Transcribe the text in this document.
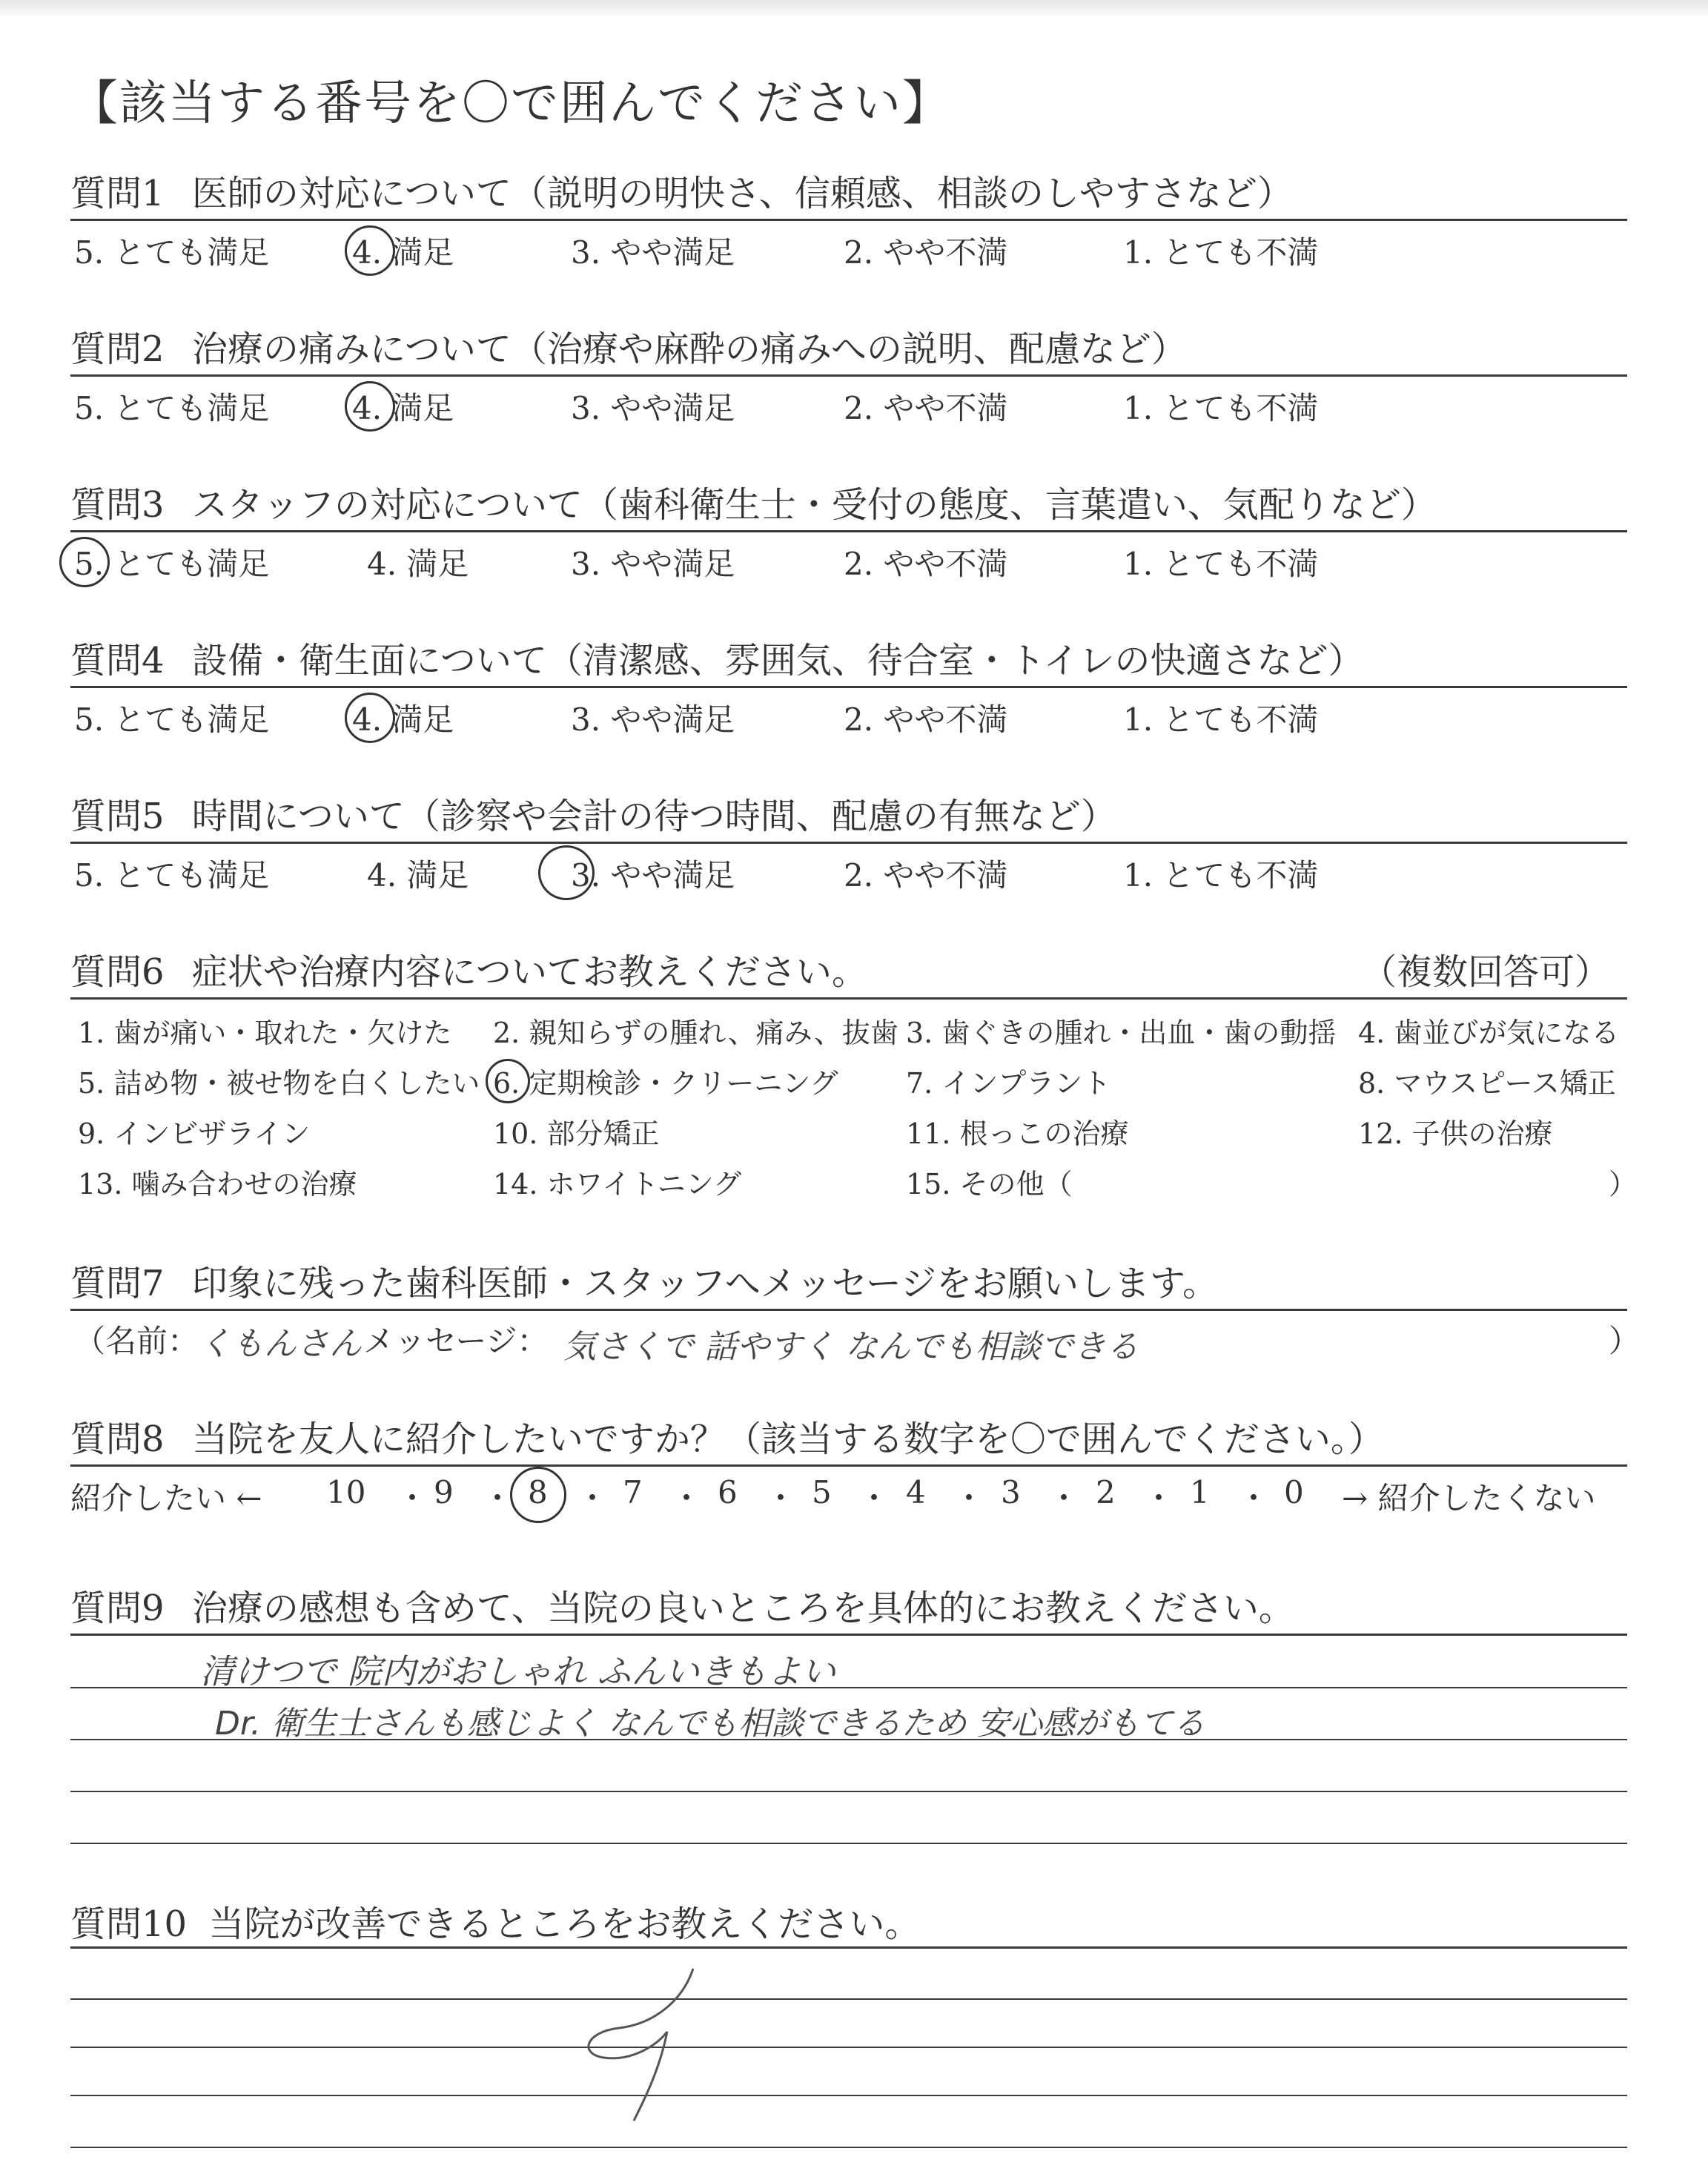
【該当する番号を〇で囲んでください】
質問1 医師の対応について（説明の明快さ、信頼感、相談のしやすさなど）
5. とても満足	4. 満足	3. やや満足	2. やや不満	1. とても不満
質問2 治療の痛みについて（治療や麻酔の痛みへの説明、配慮など）
5. とても満足	4. 満足	3. やや満足	2. やや不満	1. とても不満
質問3 スタッフの対応について（歯科衛生士・受付の態度、言葉遣い、気配りなど）
5. とても満足	4. 満足	3. やや満足	2. やや不満	1. とても不満
質問4 設備・衛生面について（清潔感、雰囲気、待合室・トイレの快適さなど）
5. とても満足	4. 満足	3. やや満足	2. やや不満	1. とても不満
質問5 時間について（診察や会計の待つ時間、配慮の有無など）
5. とても満足	4. 満足	3. やや満足	2. やや不満	1. とても不満
質問6 症状や治療内容についてお教えください。	（複数回答可）
1. 歯が痛い・取れた・欠けた 2. 親知らずの腫れ、痛み、抜歯 3. 歯ぐきの腫れ・出血・歯の動揺 4. 歯並びが気になる
5. 詰め物・被せ物を白くしたい 6. 定期検診・クリーニング 7. インプラント	8. マウスピース矯正
9. インビザライン	10. 部分矯正	11. 根っこの治療	12. 子供の治療
13. 噛み合わせの治療	14. ホワイトニング	15. その他（	）
質問7 印象に残った歯科医師・スタッフへメッセージをお願いします。
（名前： くもんさん メッセージ： 気さくで 話やすく なんでも相談できる	）
質問8 当院を友人に紹介したいですか？（該当する数字を〇で囲んでください。）
紹介したい ← 10 ・ 9 ・ 8 ・ 7 ・ 6 ・ 5 ・ 4 ・ 3 ・ 2 ・ 1 ・ 0 → 紹介したくない
質問9 治療の感想も含めて、当院の良いところを具体的にお教えください。
清けつで 院内がおしゃれ ふんいきもよい
Dr. 衛生士さんも感じよく なんでも相談できるため 安心感がもてる
質問10 当院が改善できるところをお教えください。
